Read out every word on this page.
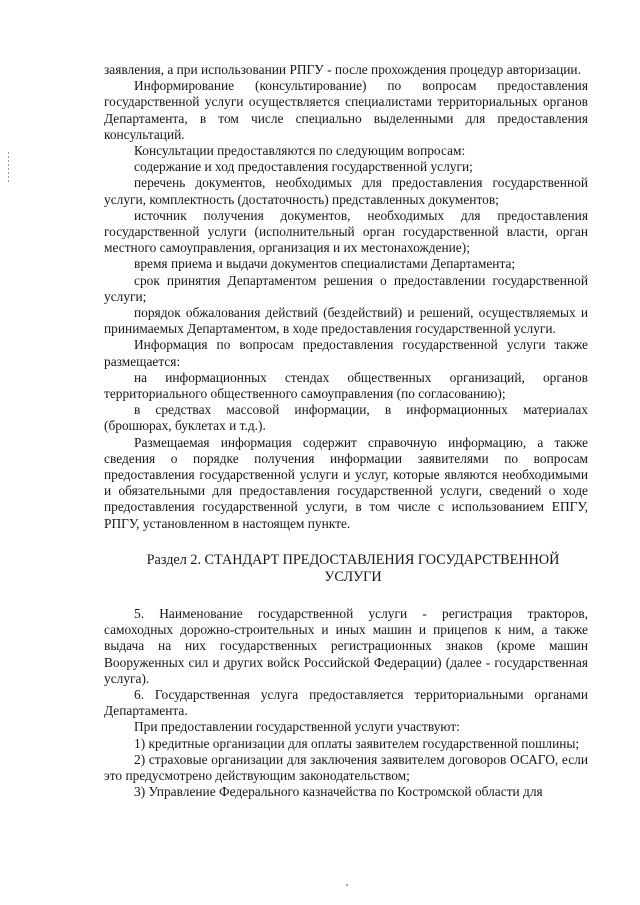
заявления, а при использовании РПГУ - после прохождения процедур авторизации.

Информирование (консультирование) по вопросам предоставления государственной услуги осуществляется специалистами территориальных органов Департамента, в том числе специально выделенными для предоставления консультаций.

Консультации предоставляются по следующим вопросам:

содержание и ход предоставления государственной услуги;

перечень документов, необходимых для предоставления государственной услуги, комплектность (достаточность) представленных документов;

источник получения документов, необходимых для предоставления государственной услуги (исполнительный орган государственной власти, орган местного самоуправления, организация и их местонахождение);

время приема и выдачи документов специалистами Департамента;

срок принятия Департаментом решения о предоставлении государственной услуги;

порядок обжалования действий (бездействий) и решений, осуществляемых и принимаемых Департаментом, в ходе предоставления государственной услуги.

Информация по вопросам предоставления государственной услуги также размещается:

на информационных стендах общественных организаций, органов территориального общественного самоуправления (по согласованию);

в средствах массовой информации, в информационных материалах (брошюрах, буклетах и т.д.).

Размещаемая информация содержит справочную информацию, а также сведения о порядке получения информации заявителями по вопросам предоставления государственной услуги и услуг, которые являются необходимыми и обязательными для предоставления государственной услуги, сведений о ходе предоставления государственной услуги, в том числе с использованием ЕПГУ, РПГУ, установленном в настоящем пункте.

Раздел 2. СТАНДАРТ ПРЕДОСТАВЛЕНИЯ ГОСУДАРСТВЕННОЙ
УСЛУГИ

5. Наименование государственной услуги - регистрация тракторов, самоходных дорожно-строительных и иных машин и прицепов к ним, а также выдача на них государственных регистрационных знаков (кроме машин Вооруженных сил и других войск Российской Федерации) (далее - государственная услуга).

6. Государственная услуга предоставляется территориальными органами Департамента.

При предоставлении государственной услуги участвуют:

1) кредитные организации для оплаты заявителем государственной пошлины;

2) страховые организации для заключения заявителем договоров ОСАГО, если это предусмотрено действующим законодательством;

3) Управление Федерального казначейства по Костромской области для
